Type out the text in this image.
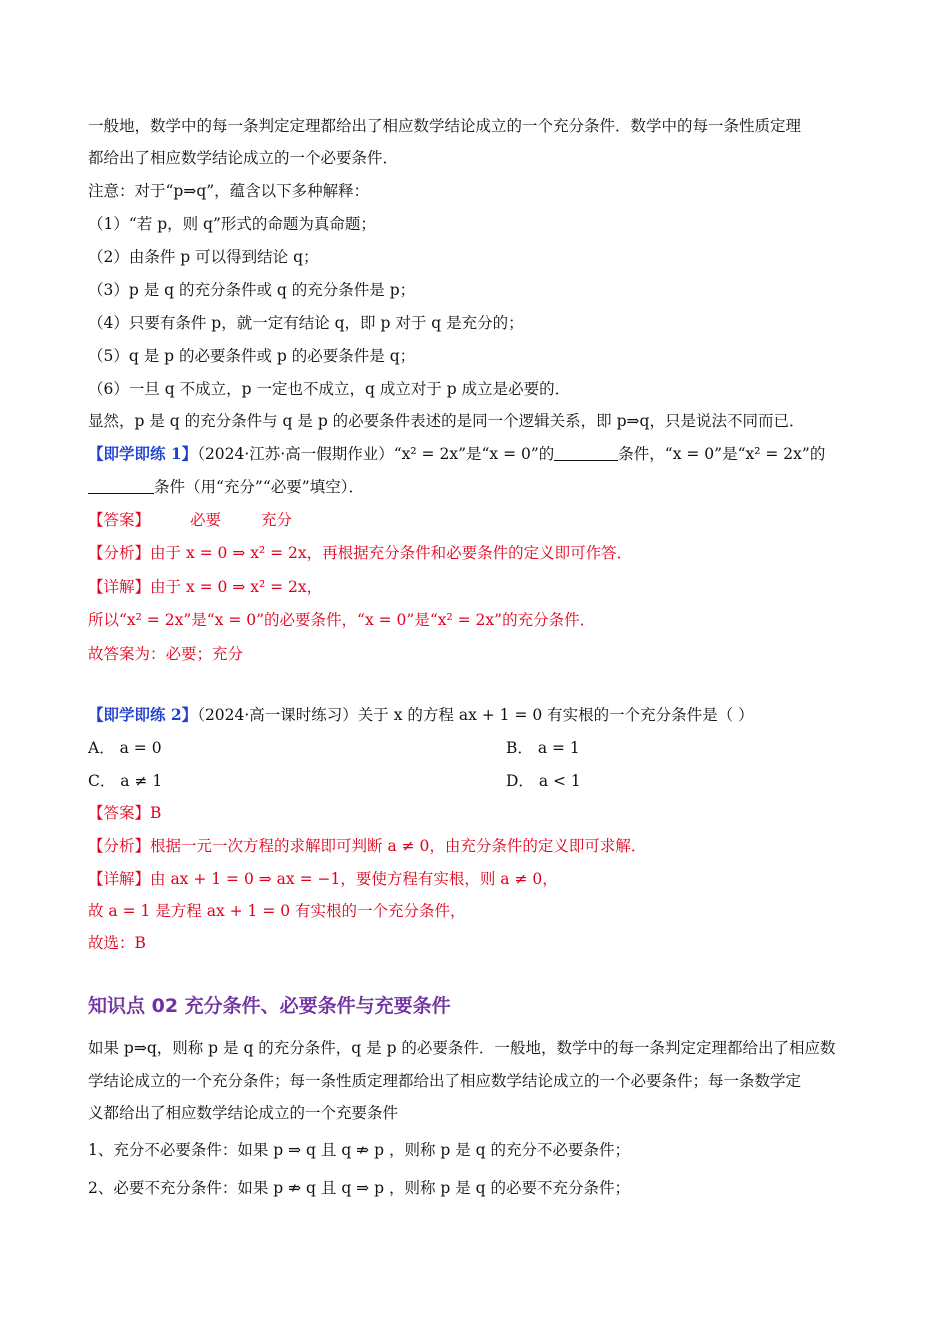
一般地，数学中的每一条判定定理都给出了相应数学结论成立的一个充分条件．数学中的每一条性质定理
都给出了相应数学结论成立的一个必要条件．
注意：对于“p⇒q”，蕴含以下多种解释：
（1）“若 p，则 q”形式的命题为真命题；
（2）由条件 p 可以得到结论 q；
（3）p 是 q 的充分条件或 q 的充分条件是 p；
（4）只要有条件 p，就一定有结论 q，即 p 对于 q 是充分的；
（5）q 是 p 的必要条件或 p 的必要条件是 q；
（6）一旦 q 不成立，p 一定也不成立，q 成立对于 p 成立是必要的．
显然，p 是 q 的充分条件与 q 是 p 的必要条件表述的是同一个逻辑关系，即 p⇒q，只是说法不同而已．
【即学即练 1】（2024·江苏·高一假期作业）“x² = 2x”是“x = 0”的	条件，“x = 0”是“x² = 2x”的
条件（用“充分”“必要”填空）．
【答案】	必要	充分
【分析】由于 x = 0 ⇒ x² = 2x，再根据充分条件和必要条件的定义即可作答．
【详解】由于 x = 0 ⇒ x² = 2x，
所以“x² = 2x”是“x = 0”的必要条件，“x = 0”是“x² = 2x”的充分条件．
故答案为：必要；充分
【即学即练 2】（2024·高一课时练习）关于 x 的方程 ax + 1 = 0 有实根的一个充分条件是（ ）
A． a = 0	B． a = 1
C． a ≠ 1	D． a < 1
【答案】B
【分析】根据一元一次方程的求解即可判断 a ≠ 0，由充分条件的定义即可求解．
【详解】由 ax + 1 = 0 ⇒ ax = −1，要使方程有实根，则 a ≠ 0，
故 a = 1 是方程 ax + 1 = 0 有实根的一个充分条件，
故选：B
知识点 02 充分条件、必要条件与充要条件
如果 p⇒q，则称 p 是 q 的充分条件，q 是 p 的必要条件．一般地，数学中的每一条判定定理都给出了相应数
学结论成立的一个充分条件；每一条性质定理都给出了相应数学结论成立的一个必要条件；每一条数学定
义都给出了相应数学结论成立的一个充要条件
1、充分不必要条件：如果 p ⇒ q 且 q ⇏ p ，则称 p 是 q 的充分不必要条件；
2、必要不充分条件：如果 p ⇏ q 且 q ⇒ p ，则称 p 是 q 的必要不充分条件；
